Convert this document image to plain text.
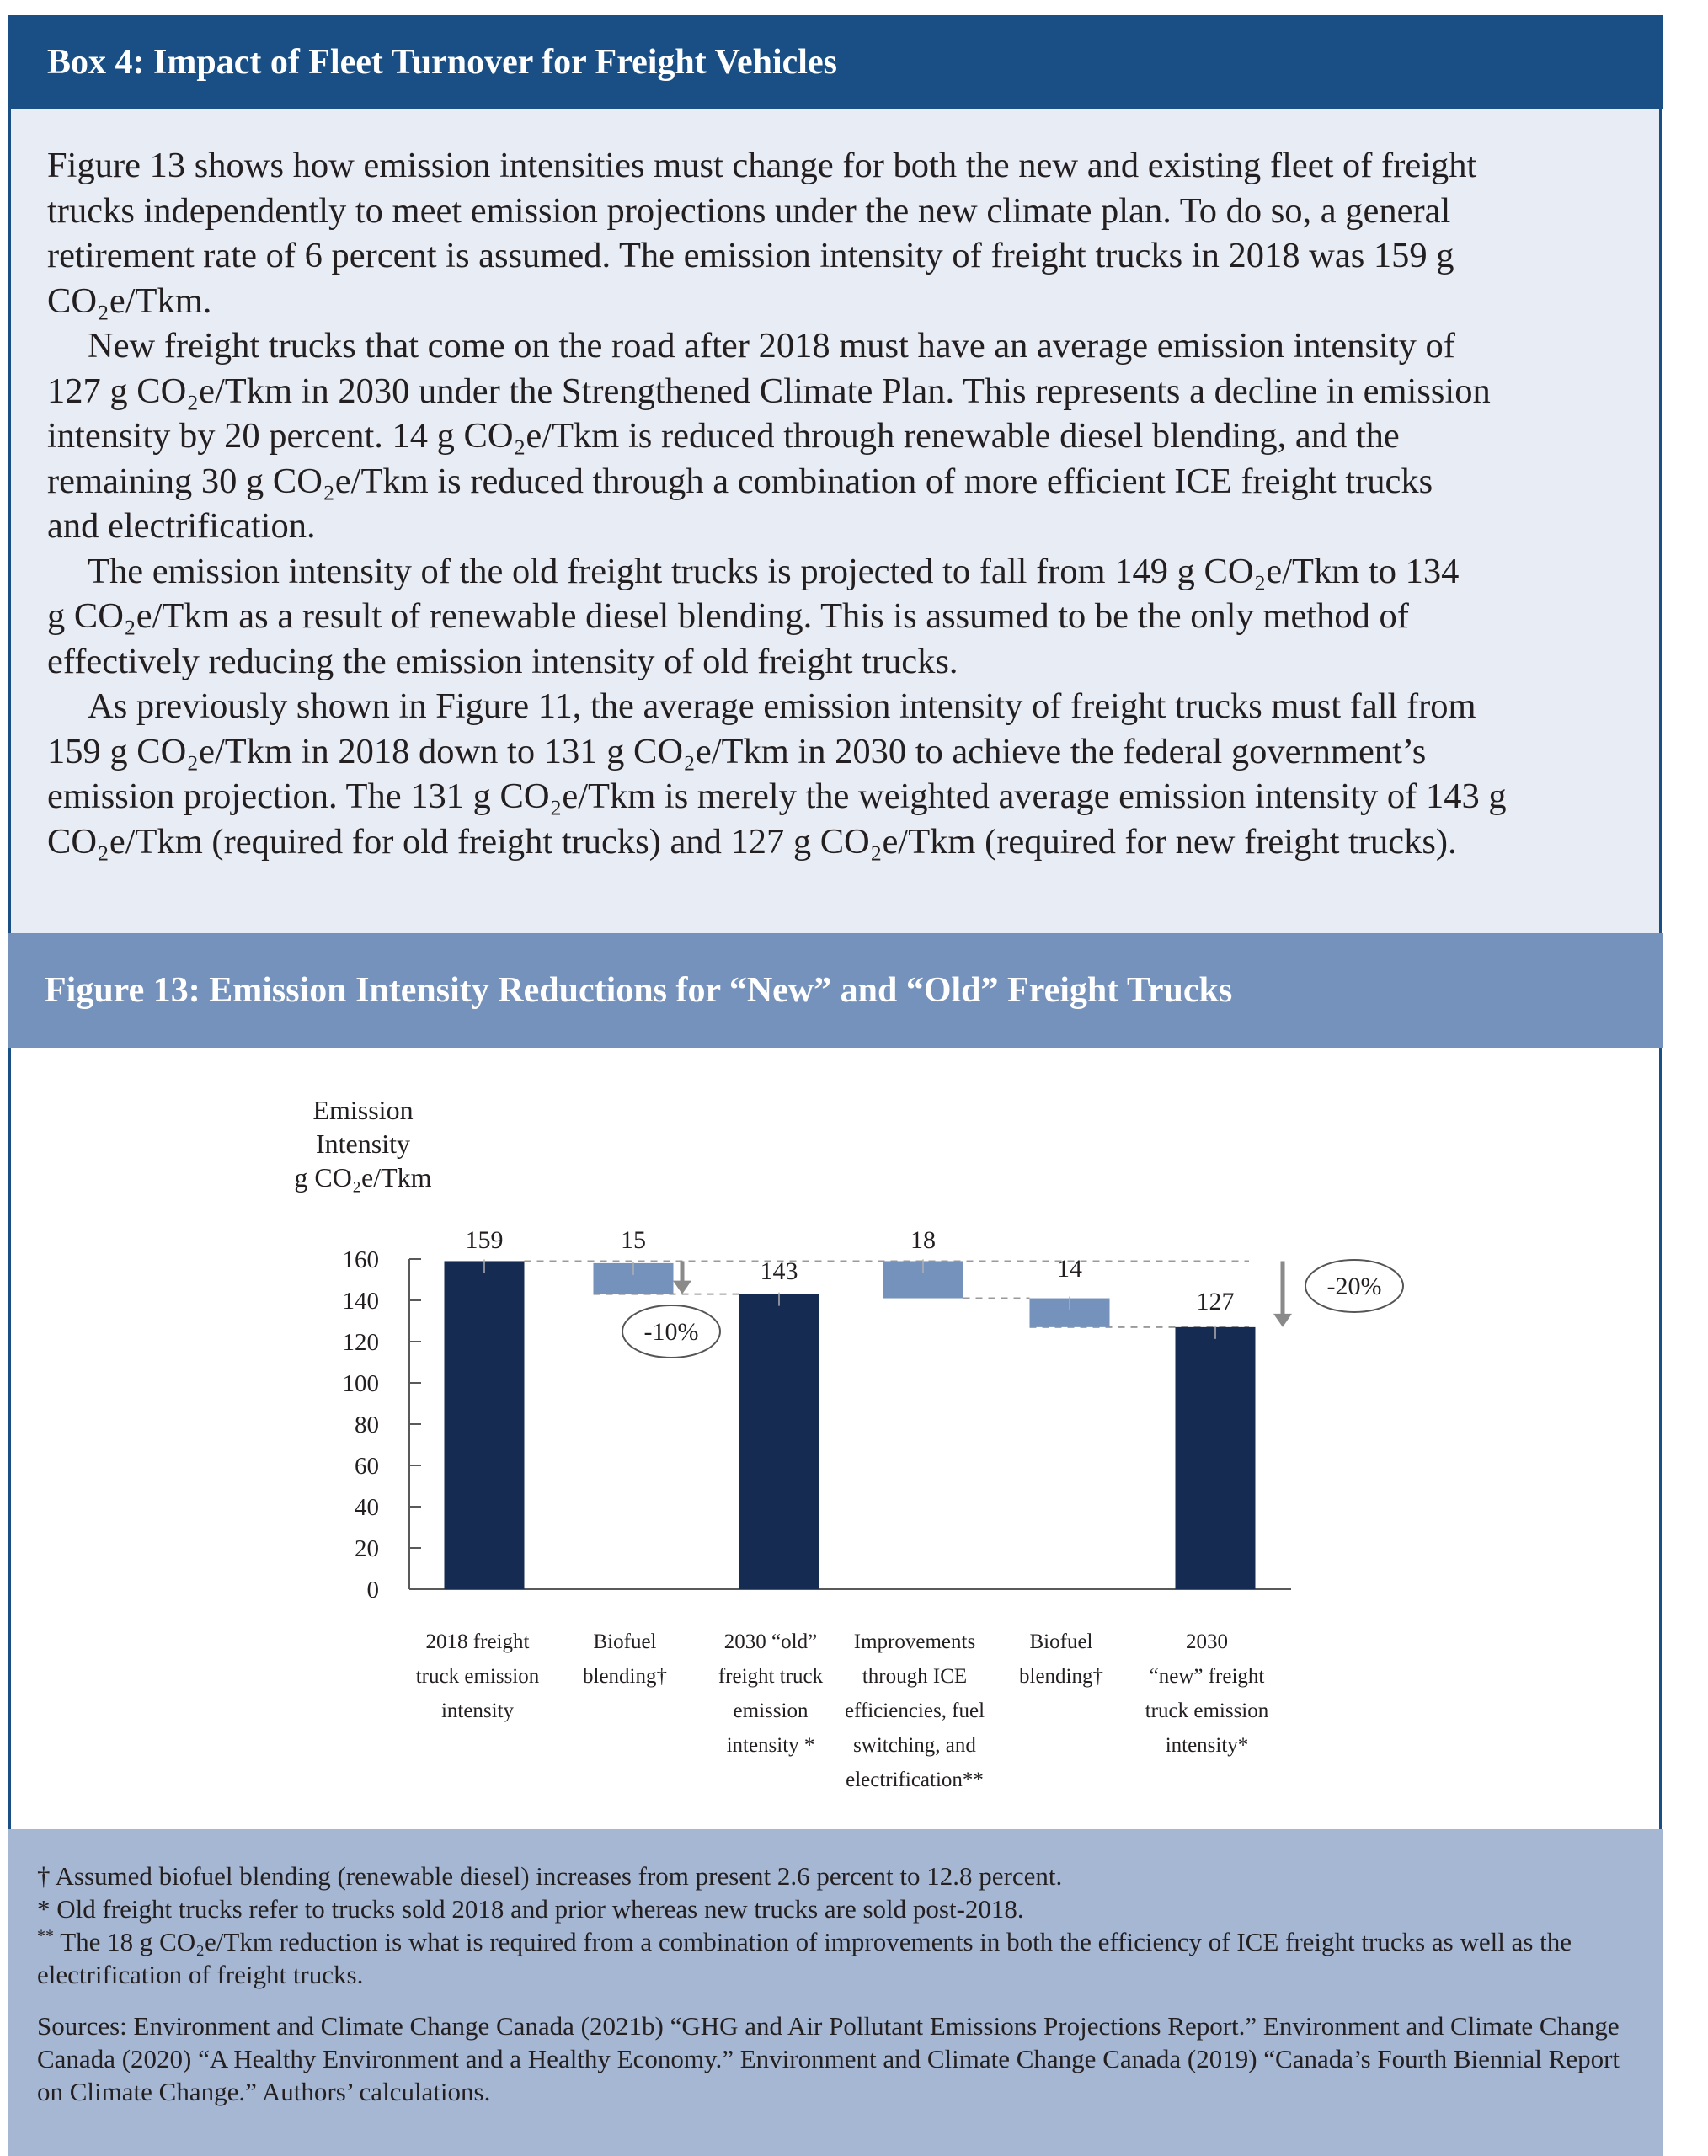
Box 4: Impact of Fleet Turnover for Freight Vehicles

Figure 13 shows how emission intensities must change for both the new and existing fleet of freight
trucks independently to meet emission projections under the new climate plan. To do so, a general
retirement rate of 6 percent is assumed. The emission intensity of freight trucks in 2018 was 159 g
CO₂e/Tkm.

New freight trucks that come on the road after 2018 must have an average emission intensity of
127 g CO₂e/Tkm in 2030 under the Strengthened Climate Plan. This represents a decline in emission
intensity by 20 percent. 14 g CO₂e/Tkm is reduced through renewable diesel blending, and the
remaining 30 g CO₂e/Tkm is reduced through a combination of more efficient ICE freight trucks
and electrification.

The emission intensity of the old freight trucks is projected to fall from 149 g CO₂e/Tkm to 134
g CO₂e/Tkm as a result of renewable diesel blending. This is assumed to be the only method of
effectively reducing the emission intensity of old freight trucks.

As previously shown in Figure 11, the average emission intensity of freight trucks must fall from
159 g CO₂e/Tkm in 2018 down to 131 g CO₂e/Tkm in 2030 to achieve the federal government’s
emission projection. The 131 g CO₂e/Tkm is merely the weighted average emission intensity of 143 g
CO₂e/Tkm (required for old freight trucks) and 127 g CO₂e/Tkm (required for new freight trucks).

Figure 13: Emission Intensity Reductions for “New” and “Old” Freight Trucks
Emission
Intensity
g CO₂e/Tkm
0
20
40
60
80
100
120
140
160
159	15
143
18
14
127
-10%
-20%
2018 freight
truck emission
intensity
Biofuel
blending†
2030 “old”
freight truck
emission
intensity *
Improvements
through ICE
efficiencies, fuel
switching, and
electrification**
Biofuel
blending†
2030
“new” freight
truck emission
intensity*

† Assumed biofuel blending (renewable diesel) increases from present 2.6 percent to 12.8 percent.

* Old freight trucks refer to trucks sold 2018 and prior whereas new trucks are sold post-2018.

** The 18 g CO₂e/Tkm reduction is what is required from a combination of improvements in both the efficiency of ICE freight trucks as well as the electrification of freight trucks.

Sources: Environment and Climate Change Canada (2021b) “GHG and Air Pollutant Emissions Projections Report.” Environment and Climate Change Canada (2020) “A Healthy Environment and a Healthy Economy.” Environment and Climate Change Canada (2019) “Canada’s Fourth Biennial Report on Climate Change.” Authors’ calculations.
